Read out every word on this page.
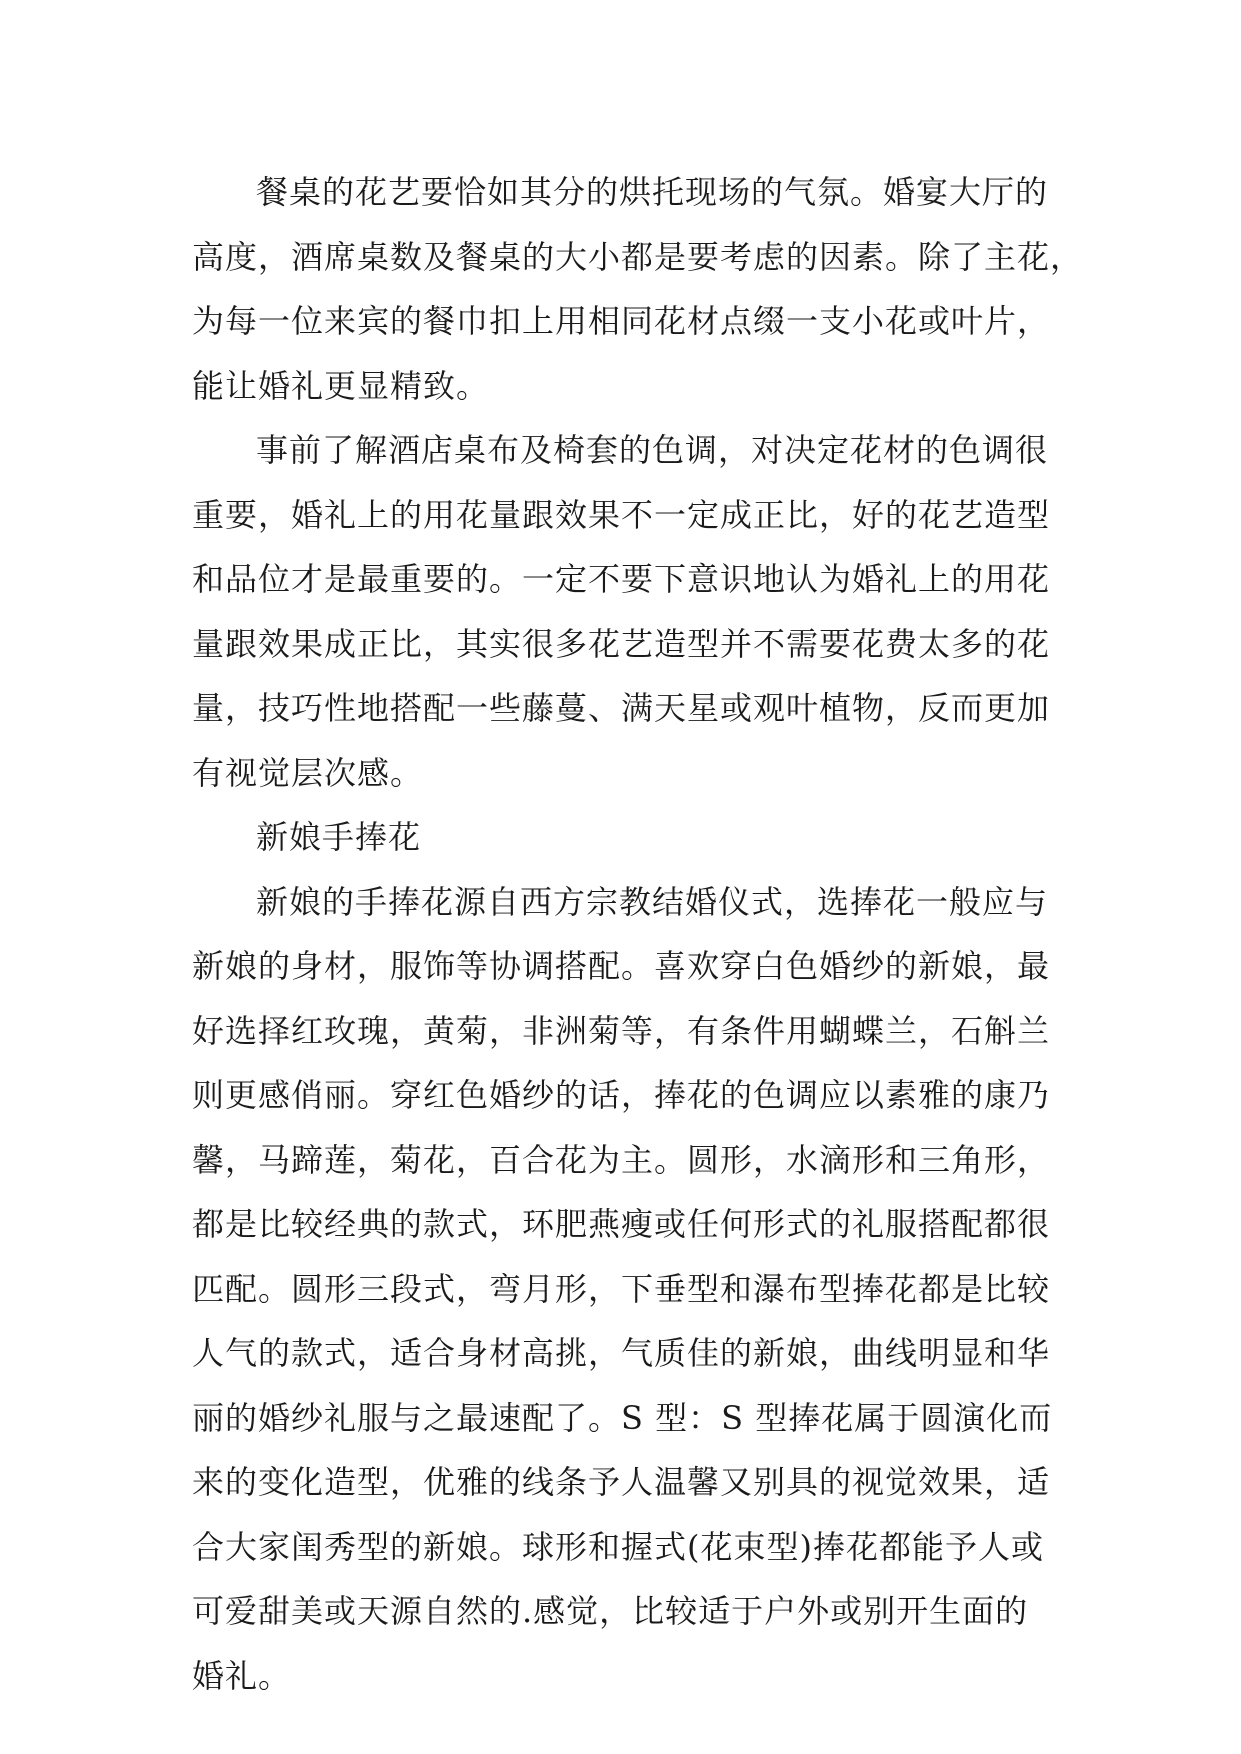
餐桌的花艺要恰如其分的烘托现场的气氛。婚宴大厅的
高度，酒席桌数及餐桌的大小都是要考虑的因素。除了主花，
为每一位来宾的餐巾扣上用相同花材点缀一支小花或叶片，
能让婚礼更显精致。
事前了解酒店桌布及椅套的色调，对决定花材的色调很
重要，婚礼上的用花量跟效果不一定成正比，好的花艺造型
和品位才是最重要的。一定不要下意识地认为婚礼上的用花
量跟效果成正比，其实很多花艺造型并不需要花费太多的花
量，技巧性地搭配一些藤蔓、满天星或观叶植物，反而更加
有视觉层次感。
新娘手捧花
新娘的手捧花源自西方宗教结婚仪式，选捧花一般应与
新娘的身材，服饰等协调搭配。喜欢穿白色婚纱的新娘，最
好选择红玫瑰，黄菊，非洲菊等，有条件用蝴蝶兰，石斛兰
则更感俏丽。穿红色婚纱的话，捧花的色调应以素雅的康乃
馨，马蹄莲，菊花，百合花为主。圆形，水滴形和三角形，
都是比较经典的款式，环肥燕瘦或任何形式的礼服搭配都很
匹配。圆形三段式，弯月形，下垂型和瀑布型捧花都是比较
人气的款式，适合身材高挑，气质佳的新娘，曲线明显和华
丽的婚纱礼服与之最速配了。S 型：S 型捧花属于圆演化而
来的变化造型，优雅的线条予人温馨又别具的视觉效果，适
合大家闺秀型的新娘。球形和握式(花束型)捧花都能予人或
可爱甜美或天源自然的.感觉，比较适于户外或别开生面的
婚礼。
